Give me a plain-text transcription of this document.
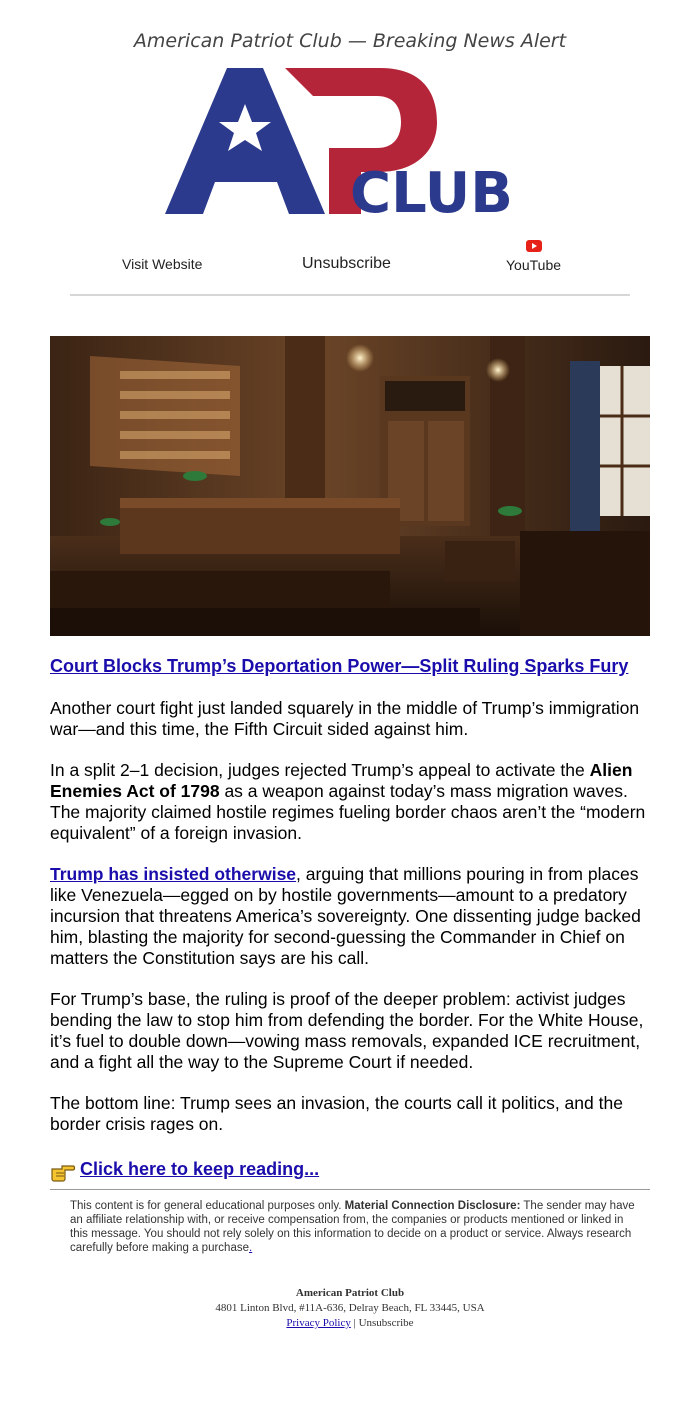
American Patriot Club — Breaking News Alert
CLUB
Visit Website	Unsubscribe	YouTube
Court Blocks Trump’s Deportation Power—Split Ruling Sparks Fury

Another court fight just landed squarely in the middle of Trump’s immigration war—and this time, the Fifth Circuit sided against him.

In a split 2–1 decision, judges rejected Trump’s appeal to activate the Alien Enemies Act of 1798 as a weapon against today’s mass migration waves. The majority claimed hostile regimes fueling border chaos aren’t the “modern equivalent” of a foreign invasion.

Trump has insisted otherwise, arguing that millions pouring in from places like Venezuela—egged on by hostile governments—amount to a predatory incursion that threatens America’s sovereignty. One dissenting judge backed him, blasting the majority for second-guessing the Commander in Chief on matters the Constitution says are his call.

For Trump’s base, the ruling is proof of the deeper problem: activist judges bending the law to stop him from defending the border. For the White House, it’s fuel to double down—vowing mass removals, expanded ICE recruitment, and a fight all the way to the Supreme Court if needed.

The bottom line: Trump sees an invasion, the courts call it politics, and the border crisis rages on.

Click here to keep reading...
This content is for general educational purposes only. Material Connection Disclosure: The sender may have an affiliate relationship with, or receive compensation from, the companies or products mentioned or linked in this message. You should not rely solely on this information to decide on a product or service. Always research carefully before making a purchase.
American Patriot Club
4801 Linton Blvd, #11A-636, Delray Beach, FL 33445, USA
Privacy Policy | Unsubscribe
